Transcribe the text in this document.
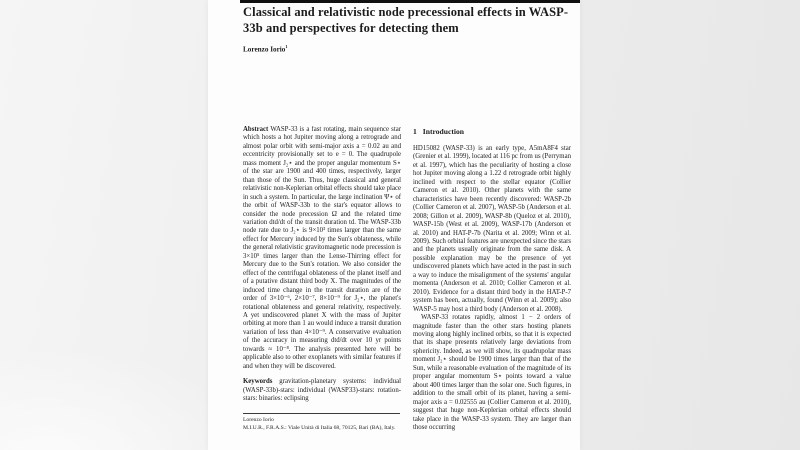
Classical and relativistic node precessional effects in WASP-33b and perspectives for detecting them
Lorenzo Iorio$^1$
Abstract WASP-33 is a fast rotating, main sequence star which hosts a hot Jupiter moving along a retrograde and almost polar orbit with semi-major axis a = 0.02 au and eccentricity provisionally set to e = 0. The quadrupole mass moment J₂⋆ and the proper angular momentum S⋆ of the star are 1900 and 400 times, respectively, larger than those of the Sun. Thus, huge classical and general relativistic non-Keplerian orbital effects should take place in such a system. In particular, the large inclination Ψ⋆ of the orbit of WASP-33b to the star's equator allows to consider the node precession Ω̇ and the related time variation dtd/dt of the transit duration td. The WASP-33b node rate due to J₂⋆ is 9×10³ times larger than the same effect for Mercury induced by the Sun's oblateness, while the general relativistic gravitomagnetic node precession is 3×10⁵ times larger than the Lense-Thirring effect for Mercury due to the Sun's rotation. We also consider the effect of the centrifugal oblateness of the planet itself and of a putative distant third body X. The magnitudes of the induced time change in the transit duration are of the order of 3×10⁻⁶, 2×10⁻⁷, 8×10⁻⁹ for J₂⋆, the planet's rotational oblateness and general relativity, respectively. A yet undiscovered planet X with the mass of Jupiter orbiting at more than 1 au would induce a transit duration variation of less than 4×10⁻⁹. A conservative evaluation of the accuracy in measuring dtd/dt over 10 yr points towards ≈ 10⁻⁸. The analysis presented here will be applicable also to other exoplanets with similar features if and when they will be discovered.
Keywords gravitation-planetary systems: individual (WASP-33b)-stars: individual (WASP33)-stars: rotation-stars: binaries: eclipsing
Lorenzo Iorio
M.I.U.R., F.R.A.S.: Viale Unità di Italia 68, 70125, Bari (BA), Italy.
1 Introduction
HD15082 (WASP-33) is an early type, A5mA8F4 star (Grenier et al. 1999), located at 116 pc from us (Perryman et al. 1997), which has the peculiarity of hosting a close hot Jupiter moving along a 1.22 d retrograde orbit highly inclined with respect to the stellar equator (Collier Cameron et al. 2010). Other planets with the same characteristics have been recently discovered: WASP-2b (Collier Cameron et al. 2007), WASP-5b (Anderson et al. 2008; Gillon et al. 2009), WASP-8b (Queloz et al. 2010), WASP-15b (West et al. 2009), WASP-17b (Anderson et al. 2010) and HAT-P-7b (Narita et al. 2009; Winn et al. 2009). Such orbital features are unexpected since the stars and the planets usually originate from the same disk. A possible explanation may be the presence of yet undiscovered planets which have acted in the past in such a way to induce the misalignment of the systems' angular momenta (Anderson et al. 2010; Collier Cameron et al. 2010). Evidence for a distant third body in the HAT-P-7 system has been, actually, found (Winn et al. 2009); also WASP-5 may host a third body (Anderson et al. 2008).
WASP-33 rotates rapidly, almost 1 − 2 orders of magnitude faster than the other stars hosting planets moving along highly inclined orbits, so that it is expected that its shape presents relatively large deviations from sphericity. Indeed, as we will show, its quadrupolar mass moment J₂⋆ should be 1900 times larger than that of the Sun, while a reasonable evaluation of the magnitude of its proper angular momentum S⋆ points toward a value about 400 times larger than the solar one. Such figures, in addition to the small orbit of its planet, having a semi-major axis a = 0.02555 au (Collier Cameron et al. 2010), suggest that huge non-Keplerian orbital effects should take place in the WASP-33 system. They are larger than those occurring
